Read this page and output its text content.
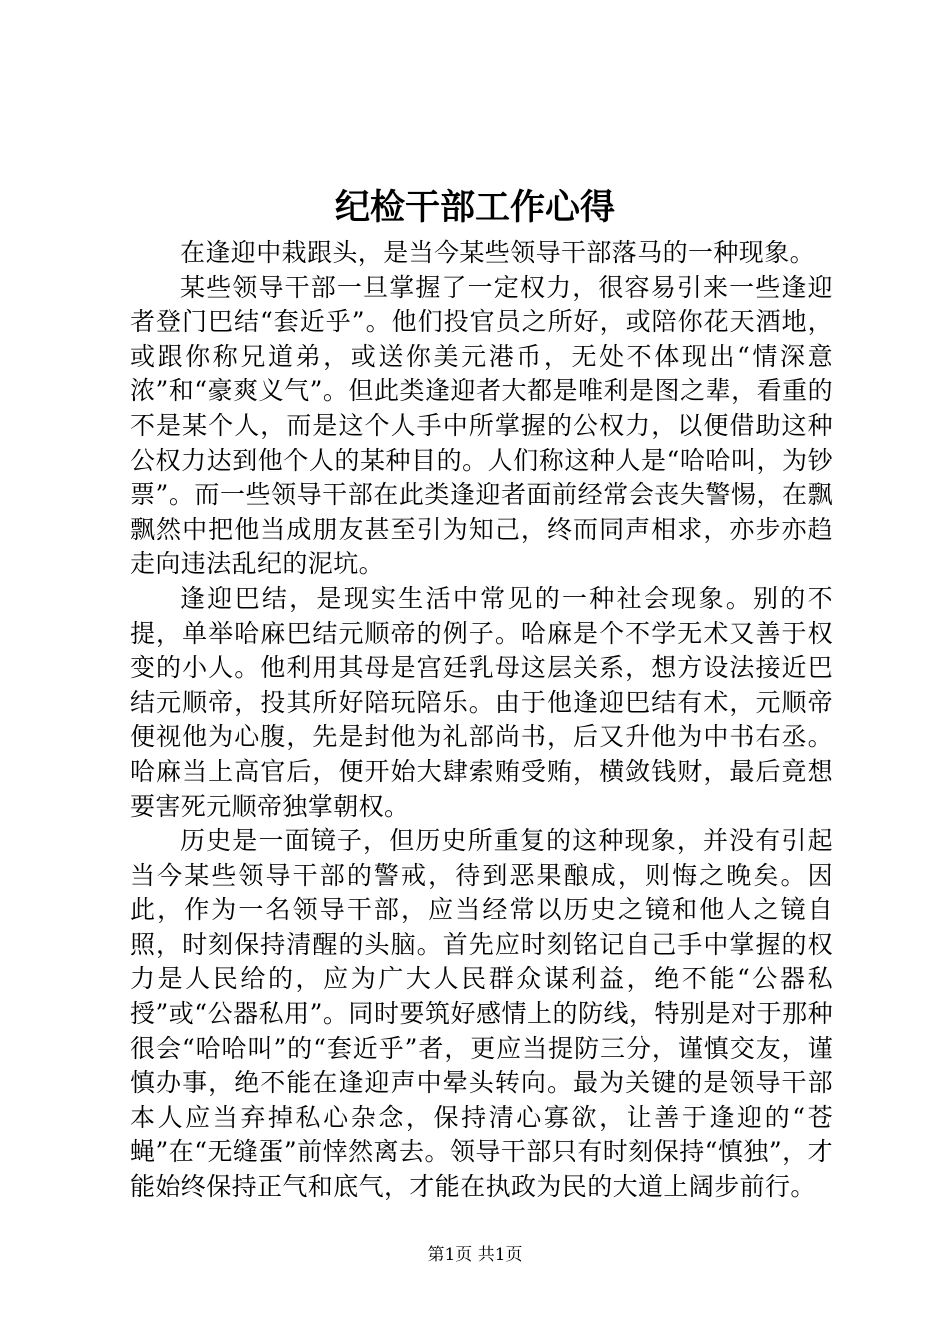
纪检干部工作心得

在逢迎中栽跟头，是当今某些领导干部落马的一种现象。

某些领导干部一旦掌握了一定权力，很容易引来一些逢迎者登门巴结“套近乎”。他们投官员之所好，或陪你花天酒地，或跟你称兄道弟，或送你美元港币，无处不体现出“情深意浓”和“豪爽义气”。但此类逢迎者大都是唯利是图之辈，看重的不是某个人，而是这个人手中所掌握的公权力，以便借助这种公权力达到他个人的某种目的。人们称这种人是“哈哈叫，为钞票”。而一些领导干部在此类逢迎者面前经常会丧失警惕，在飘飘然中把他当成朋友甚至引为知己，终而同声相求，亦步亦趋走向违法乱纪的泥坑。

逢迎巴结，是现实生活中常见的一种社会现象。别的不提，单举哈麻巴结元顺帝的例子。哈麻是个不学无术又善于权变的小人。他利用其母是宫廷乳母这层关系，想方设法接近巴结元顺帝，投其所好陪玩陪乐。由于他逢迎巴结有术，元顺帝便视他为心腹，先是封他为礼部尚书，后又升他为中书右丞。哈麻当上高官后，便开始大肆索贿受贿，横敛钱财，最后竟想要害死元顺帝独掌朝权。

历史是一面镜子，但历史所重复的这种现象，并没有引起当今某些领导干部的警戒，待到恶果酿成，则悔之晚矣。因此，作为一名领导干部，应当经常以历史之镜和他人之镜自照，时刻保持清醒的头脑。首先应时刻铭记自己手中掌握的权力是人民给的，应为广大人民群众谋利益，绝不能“公器私授”或“公器私用”。同时要筑好感情上的防线，特别是对于那种很会“哈哈叫”的“套近乎”者，更应当提防三分，谨慎交友，谨慎办事，绝不能在逢迎声中晕头转向。最为关键的是领导干部本人应当弃掉私心杂念，保持清心寡欲，让善于逢迎的“苍蝇”在“无缝蛋”前悻然离去。领导干部只有时刻保持“慎独”，才能始终保持正气和底气，才能在执政为民的大道上阔步前行。

第1页 共1页
